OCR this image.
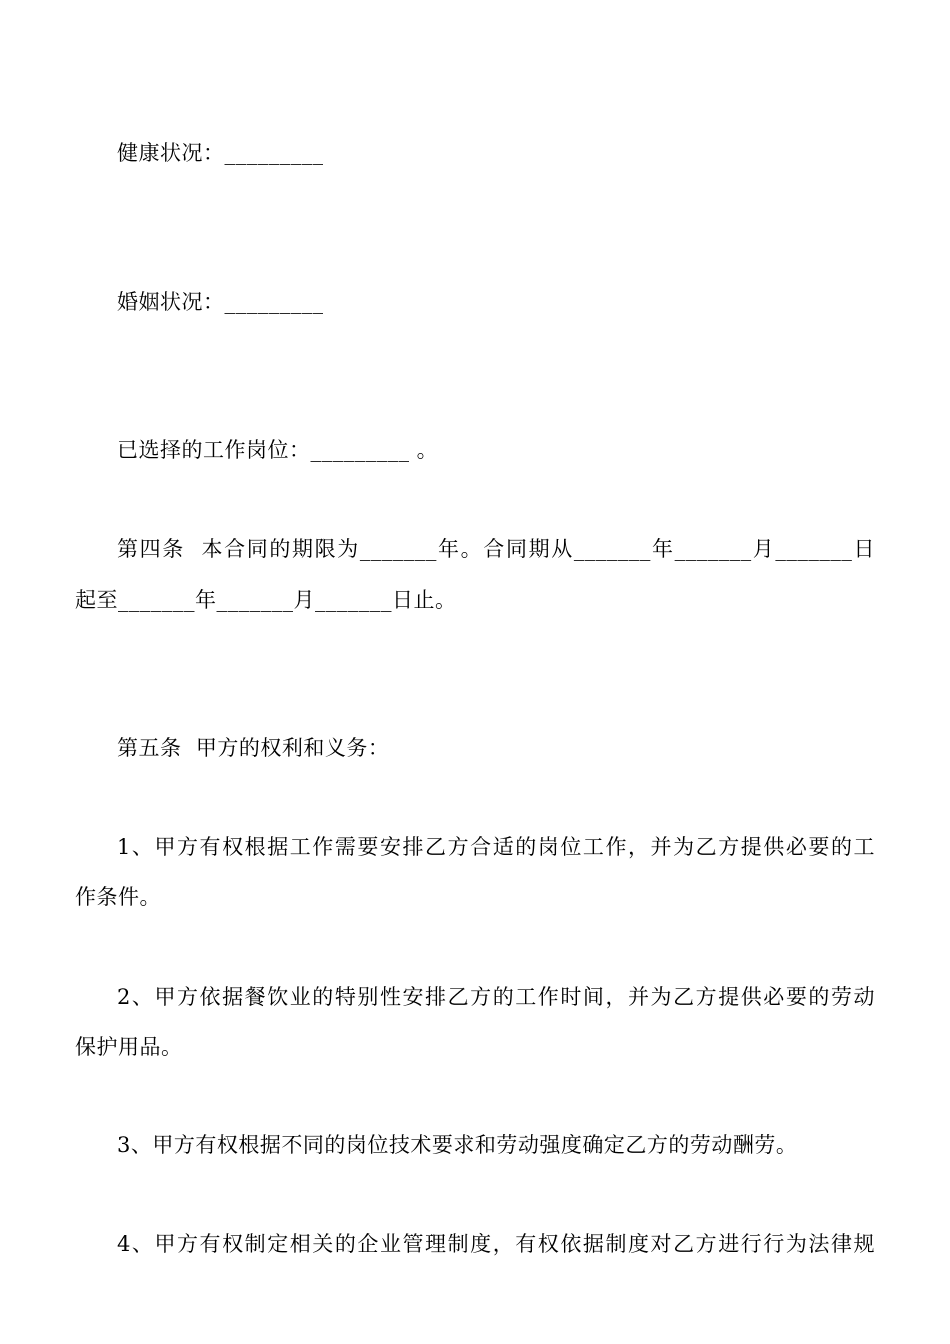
健康状况：_________
婚姻状况：_________
已选择的工作岗位：_________ 。
第四条  本合同的期限为_______年。合同期从_______年_______月_______日
起至_______年_______月_______日止。
第五条  甲方的权利和义务：
1、甲方有权根据工作需要安排乙方合适的岗位工作，并为乙方提供必要的工
作条件。
2、甲方依据餐饮业的特别性安排乙方的工作时间，并为乙方提供必要的劳动
保护用品。
3、甲方有权根据不同的岗位技术要求和劳动强度确定乙方的劳动酬劳。
4、甲方有权制定相关的企业管理制度，有权依据制度对乙方进行行为法律规
